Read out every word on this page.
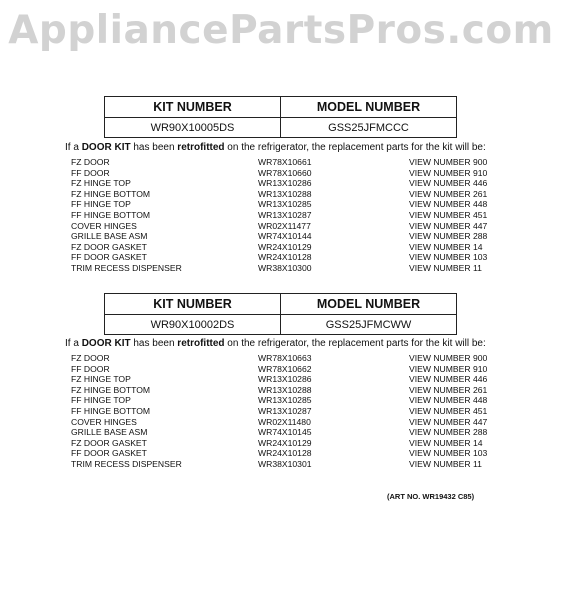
AppliancePartsPros.com
KIT NUMBER	MODEL NUMBER
WR90X10005DS	GSS25JFMCCC
If a DOOR KIT has been retrofitted on the refrigerator, the replacement parts for the kit will be:
FZ DOOR	WR78X10661	VIEW NUMBER 900
FF DOOR	WR78X10660	VIEW NUMBER 910
FZ HINGE TOP	WR13X10286	VIEW NUMBER 446
FZ HINGE BOTTOM	WR13X10288	VIEW NUMBER 261
FF HINGE TOP	WR13X10285	VIEW NUMBER 448
FF HINGE BOTTOM	WR13X10287	VIEW NUMBER 451
COVER HINGES	WR02X11477	VIEW NUMBER 447
GRILLE BASE ASM	WR74X10144	VIEW NUMBER 288
FZ DOOR GASKET	WR24X10129	VIEW NUMBER 14
FF DOOR GASKET	WR24X10128	VIEW NUMBER 103
TRIM RECESS DISPENSER	WR38X10300	VIEW NUMBER 11
KIT NUMBER	MODEL NUMBER
WR90X10002DS	GSS25JFMCWW
If a DOOR KIT has been retrofitted on the refrigerator, the replacement parts for the kit will be:
FZ DOOR	WR78X10663	VIEW NUMBER 900
FF DOOR	WR78X10662	VIEW NUMBER 910
FZ HINGE TOP	WR13X10286	VIEW NUMBER 446
FZ HINGE BOTTOM	WR13X10288	VIEW NUMBER 261
FF HINGE TOP	WR13X10285	VIEW NUMBER 448
FF HINGE BOTTOM	WR13X10287	VIEW NUMBER 451
COVER HINGES	WR02X11480	VIEW NUMBER 447
GRILLE BASE ASM	WR74X10145	VIEW NUMBER 288
FZ DOOR GASKET	WR24X10129	VIEW NUMBER 14
FF DOOR GASKET	WR24X10128	VIEW NUMBER 103
TRIM RECESS DISPENSER	WR38X10301	VIEW NUMBER 11
(ART NO. WR19432 C85)
